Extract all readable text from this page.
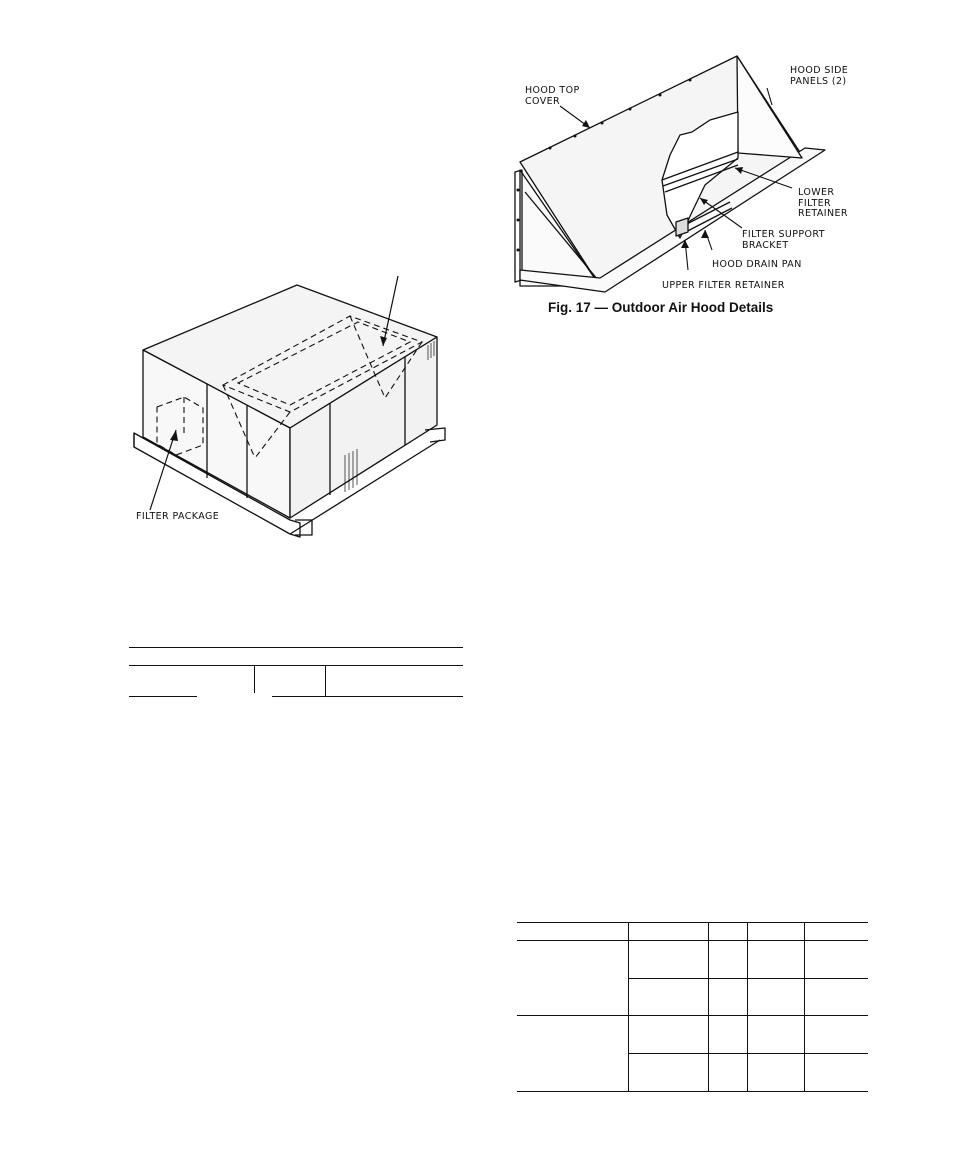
FILTER PACKAGE
HOOD TOP
COVER
HOOD SIDE
PANELS (2)
LOWER
FILTER
RETAINER
FILTER SUPPORT
BRACKET
HOOD DRAIN PAN
UPPER FILTER RETAINER
Fig. 17 — Outdoor Air Hood Details
